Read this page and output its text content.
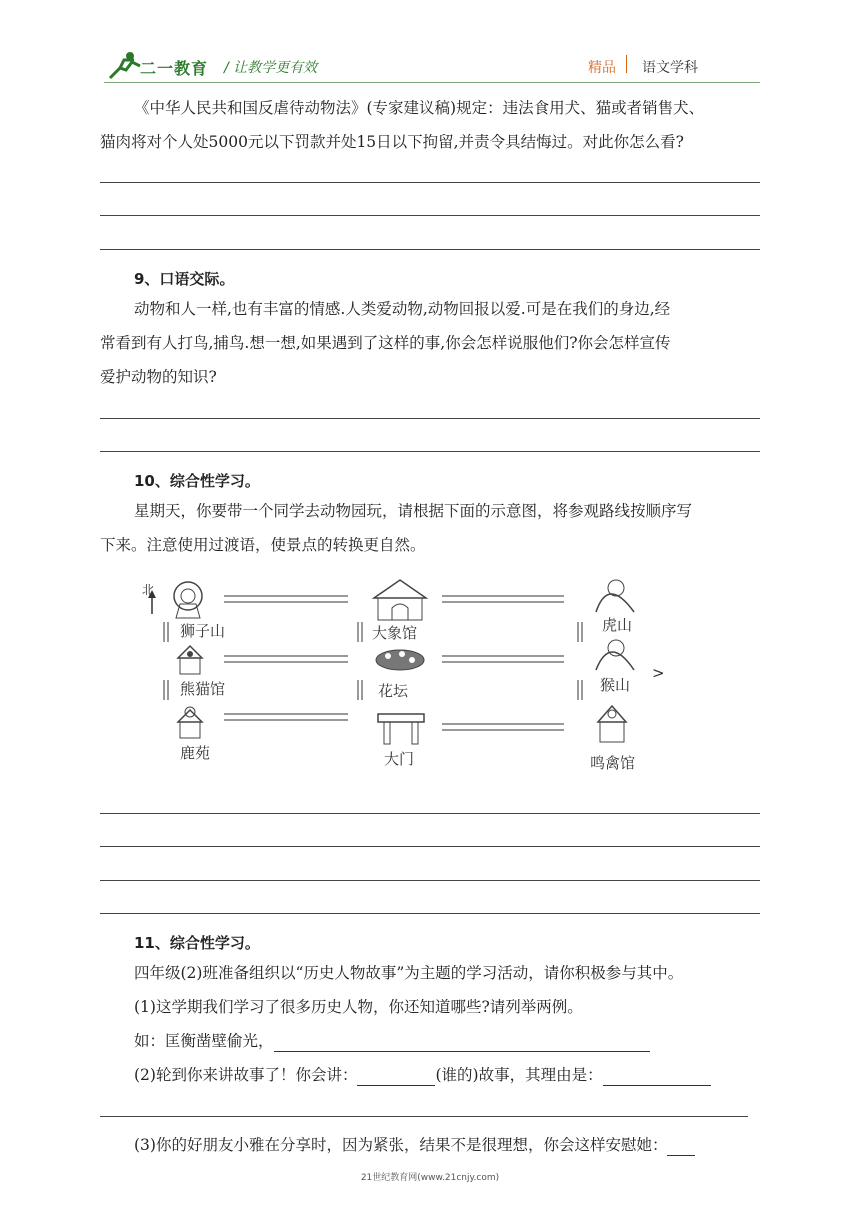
二一教育 / 让教学更有效	精品 语文学科
《中华人民共和国反虐待动物法》(专家建议稿)规定：违法食用犬、猫或者销售犬、
猫肉将对个人处5000元以下罚款并处15日以下拘留,并责令具结悔过。对此你怎么看?
9、口语交际。
动物和人一样,也有丰富的情感.人类爱动物,动物回报以爱.可是在我们的身边,经
常看到有人打鸟,捕鸟.想一想,如果遇到了这样的事,你会怎样说服他们?你会怎样宣传
爱护动物的知识?
10、综合性学习。
星期天，你要带一个同学去动物园玩，请根据下面的示意图，将参观路线按顺序写
下来。注意使用过渡语，使景点的转换更自然。
北
狮子山
熊猫馆
鹿苑
大象馆
花坛
大门
虎山
猴山
>
鸣禽馆
11、综合性学习。
四年级(2)班准备组织以“历史人物故事”为主题的学习活动，请你积极参与其中。
(1)这学期我们学习了很多历史人物，你还知道哪些?请列举两例。
如：匡衡凿壁偷光，
(2)轮到你来讲故事了！你会讲：	(谁的)故事，其理由是：
(3)你的好朋友小雅在分享时，因为紧张，结果不是很理想，你会这样安慰她：
21世纪教育网(www.21cnjy.com)
